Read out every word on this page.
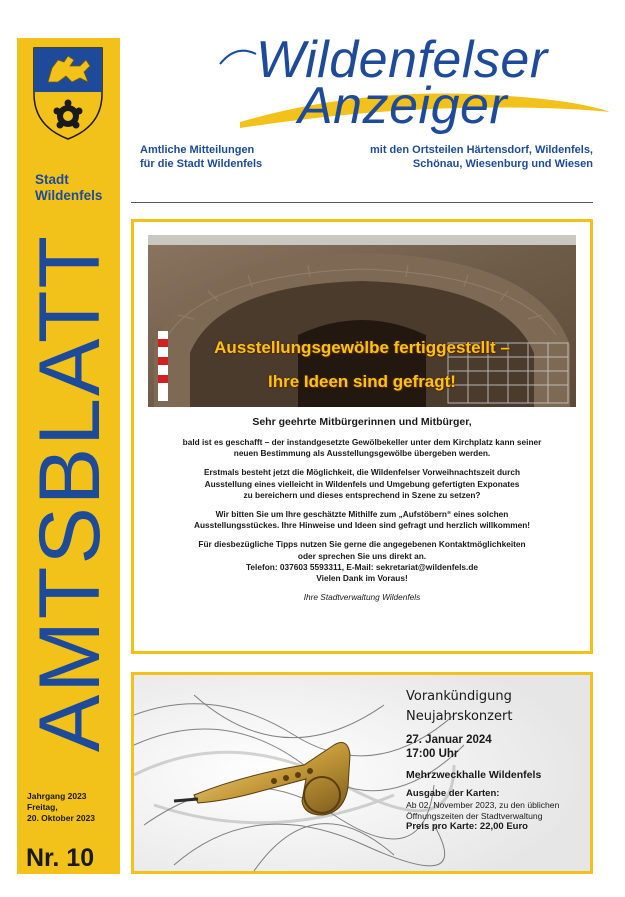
Stadt
Wildenfels
AMTSBLATT
Jahrgang 2023
Freitag,
20. Oktober 2023
Nr. 10
Wildenfelser
Anzeiger
Amtliche Mitteilungen
für die Stadt Wildenfels
mit den Ortsteilen Härtensdorf, Wildenfels,
Schönau, Wiesenburg und Wiesen
Ausstellungsgewölbe fertiggestellt –
Ihre Ideen sind gefragt!
Sehr geehrte Mitbürgerinnen und Mitbürger,

bald ist es geschafft – der instandgesetzte Gewölbekeller unter dem Kirchplatz kann seiner
neuen Bestimmung als Ausstellungsgewölbe übergeben werden.

Erstmals besteht jetzt die Möglichkeit, die Wildenfelser Vorweihnachtszeit durch
Ausstellung eines vielleicht in Wildenfels und Umgebung gefertigten Exponates
zu bereichern und dieses entsprechend in Szene zu setzen?

Wir bitten Sie um Ihre geschätzte Mithilfe zum „Aufstöbern“ eines solchen
Ausstellungsstückes. Ihre Hinweise und Ideen sind gefragt und herzlich willkommen!

Für diesbezügliche Tipps nutzen Sie gerne die angegebenen Kontaktmöglichkeiten
oder sprechen Sie uns direkt an.
Telefon: 037603 5593311, E-Mail: sekretariat@wildenfels.de
Vielen Dank im Voraus!

Ihre Stadtverwaltung Wildenfels
Vorankündigung
Neujahrskonzert
27. Januar 2024
17:00 Uhr
Mehrzweckhalle Wildenfels
Ausgabe der Karten:
Ab 02. November 2023, zu den üblichen
Öffnungszeiten der Stadtverwaltung
Preis pro Karte: 22,00 Euro
